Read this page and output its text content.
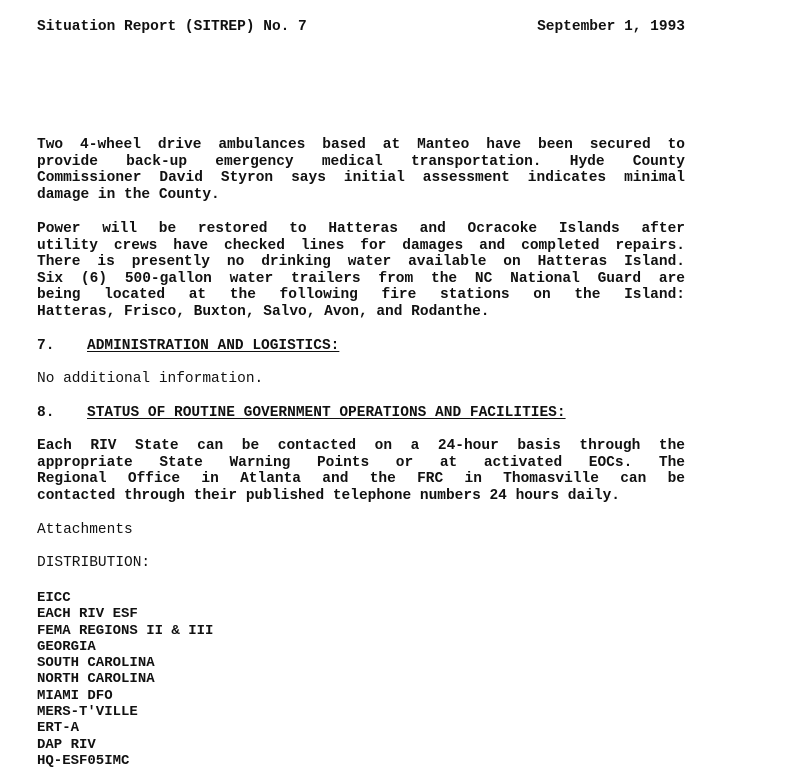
Situation Report (SITREP) No. 7	September 1, 1993
Two 4-wheel drive ambulances based at Manteo have been secured to
provide back-up emergency medical transportation. Hyde County
Commissioner David Styron says initial assessment indicates minimal
damage in the County.
Power will be restored to Hatteras and Ocracoke Islands after
utility crews have checked lines for damages and completed repairs.
There is presently no drinking water available on Hatteras Island.
Six (6) 500-gallon water trailers from the NC National Guard are
being located at the following fire stations on the Island:
Hatteras, Frisco, Buxton, Salvo, Avon, and Rodanthe.
7. ADMINISTRATION AND LOGISTICS:
No additional information.
8. STATUS OF ROUTINE GOVERNMENT OPERATIONS AND FACILITIES:
Each RIV State can be contacted on a 24-hour basis through the
appropriate State Warning Points or at activated EOCs. The
Regional Office in Atlanta and the FRC in Thomasville can be
contacted through their published telephone numbers 24 hours daily.
Attachments
DISTRIBUTION:
EICC
EACH RIV ESF
FEMA REGIONS II & III
GEORGIA
SOUTH CAROLINA
NORTH CAROLINA
MIAMI DFO
MERS-T'VILLE
ERT-A
DAP RIV
HQ-ESF05IMC
